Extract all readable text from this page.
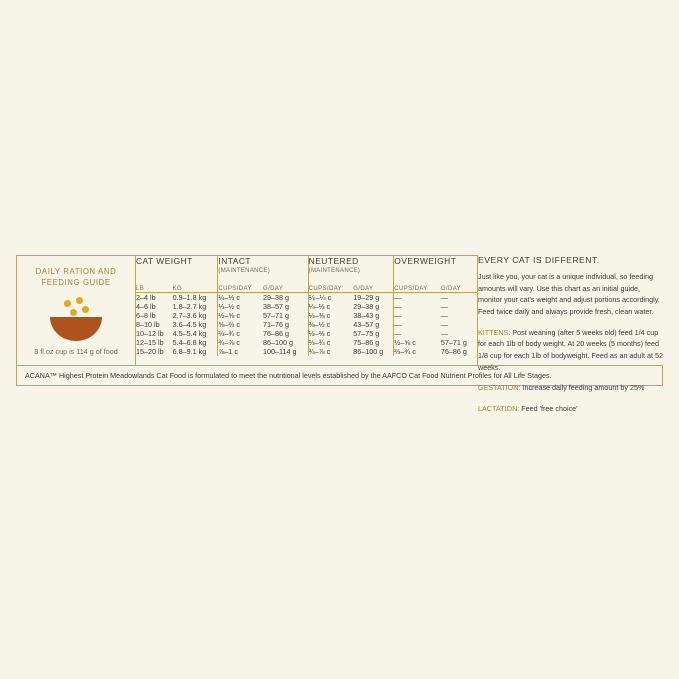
DAILY RATION AND FEEDING GUIDE
8 fl.oz cup is 114 g of food
CAT WEIGHT		INTACT
(MAINTENANCE)		NEUTERED
(MAINTENANCE)		OVERWEIGHT	
LB	KG	CUPS/DAY	G/DAY	CUPS/DAY	G/DAY	CUPS/DAY	G/DAY
2–4 lb	0.9–1.8 kg	¼–⅓ c	29–38 g	⅙–¼ c	19–29 g	—	—
4–6 lb	1.8–2.7 kg	⅓–½ c	38–57 g	¼–⅓ c	29–38 g	—	—
6–8 lb	2.7–3.6 kg	½–⅝ c	57–71 g	⅓–⅜ c	38–43 g	—	—
8–10 lb	3.6–4.5 kg	⅝–⅔ c	71–76 g	⅜–½ c	43–57 g	—	—
10–12 lb	4.5–5.4 kg	⅔–¾ c	76–86 g	½–⅔ c	57–75 g	—	—
12–15 lb	5.4–6.8 kg	¾–⅞ c	86–100 g	⅔–¾ c	75–86 g	½–⅝ c	57–71 g
15–20 lb	6.8–9.1 kg	⅞–1 c	100–114 g	¾–⅞ c	86–100 g	⅔–¾ c	76–86 g
ACANA™ Highest Protein Meadowlands Cat Food is formulated to meet the nutritional levels established by the AAFCO Cat Food Nutrient Profiles for All Life Stages.
EVERY CAT IS DIFFERENT.

Just like you, your cat is a unique individual, so feeding amounts will vary. Use this chart as an initial guide, monitor your cat's weight and adjust portions accordingly. Feed twice daily and always provide fresh, clean water.

KITTENS: Post weaning (after 5 weeks old) feed 1/4 cup for each 1lb of body weight. At 20 weeks (5 months) feed 1/8 cup for each 1lb of bodyweight. Feed as an adult at 52 weeks.

GESTATION: Increase daily feeding amount by 25%

LACTATION: Feed 'free choice'
